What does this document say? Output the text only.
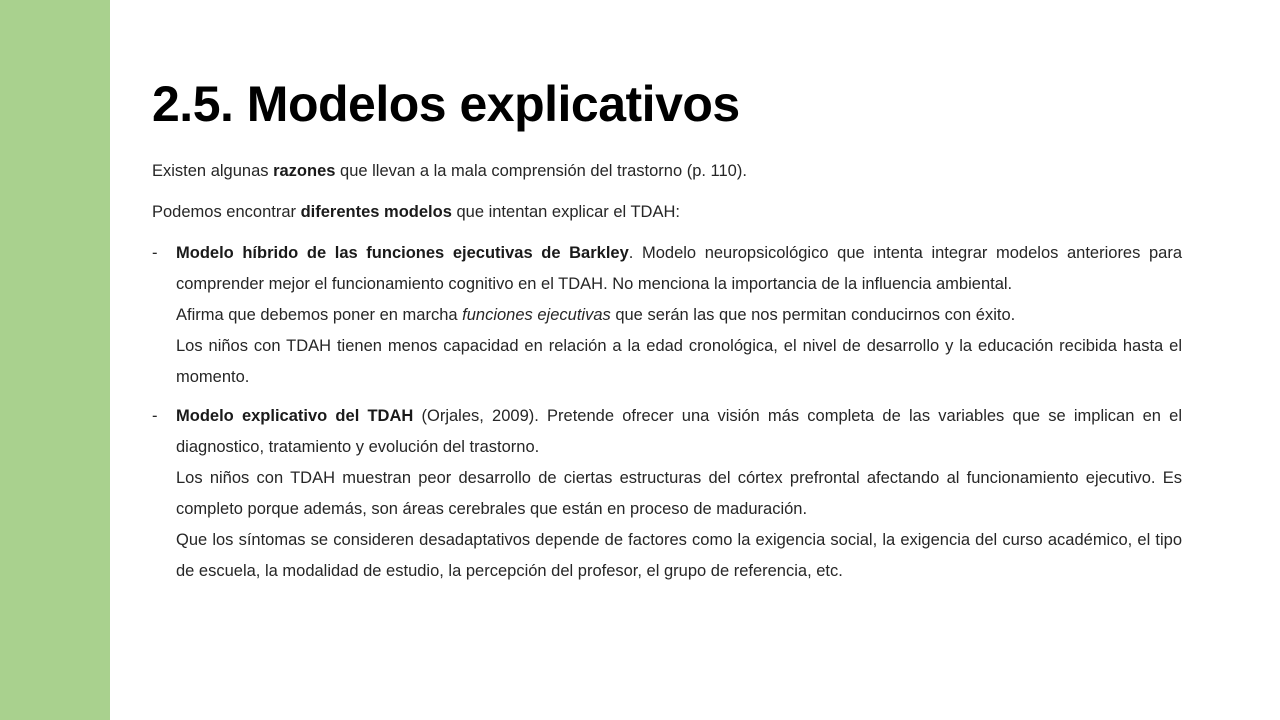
2.5. Modelos explicativos

Existen algunas razones que llevan a la mala comprensión del trastorno (p. 110).

Podemos encontrar diferentes modelos que intentan explicar el TDAH:

-	Modelo híbrido de las funciones ejecutivas de Barkley. Modelo neuropsicológico que intenta integrar modelos anteriores para comprender mejor el funcionamiento cognitivo en el TDAH. No menciona la importancia de la influencia ambiental.
Afirma que debemos poner en marcha funciones ejecutivas que serán las que nos permitan conducirnos con éxito.
Los niños con TDAH tienen menos capacidad en relación a la edad cronológica, el nivel de desarrollo y la educación recibida hasta el momento.
-	Modelo explicativo del TDAH (Orjales, 2009). Pretende ofrecer una visión más completa de las variables que se implican en el diagnostico, tratamiento y evolución del trastorno.
Los niños con TDAH muestran peor desarrollo de ciertas estructuras del córtex prefrontal afectando al funcionamiento ejecutivo. Es completo porque además, son áreas cerebrales que están en proceso de maduración.
Que los síntomas se consideren desadaptativos depende de factores como la exigencia social, la exigencia del curso académico, el tipo de escuela, la modalidad de estudio, la percepción del profesor, el grupo de referencia, etc.
